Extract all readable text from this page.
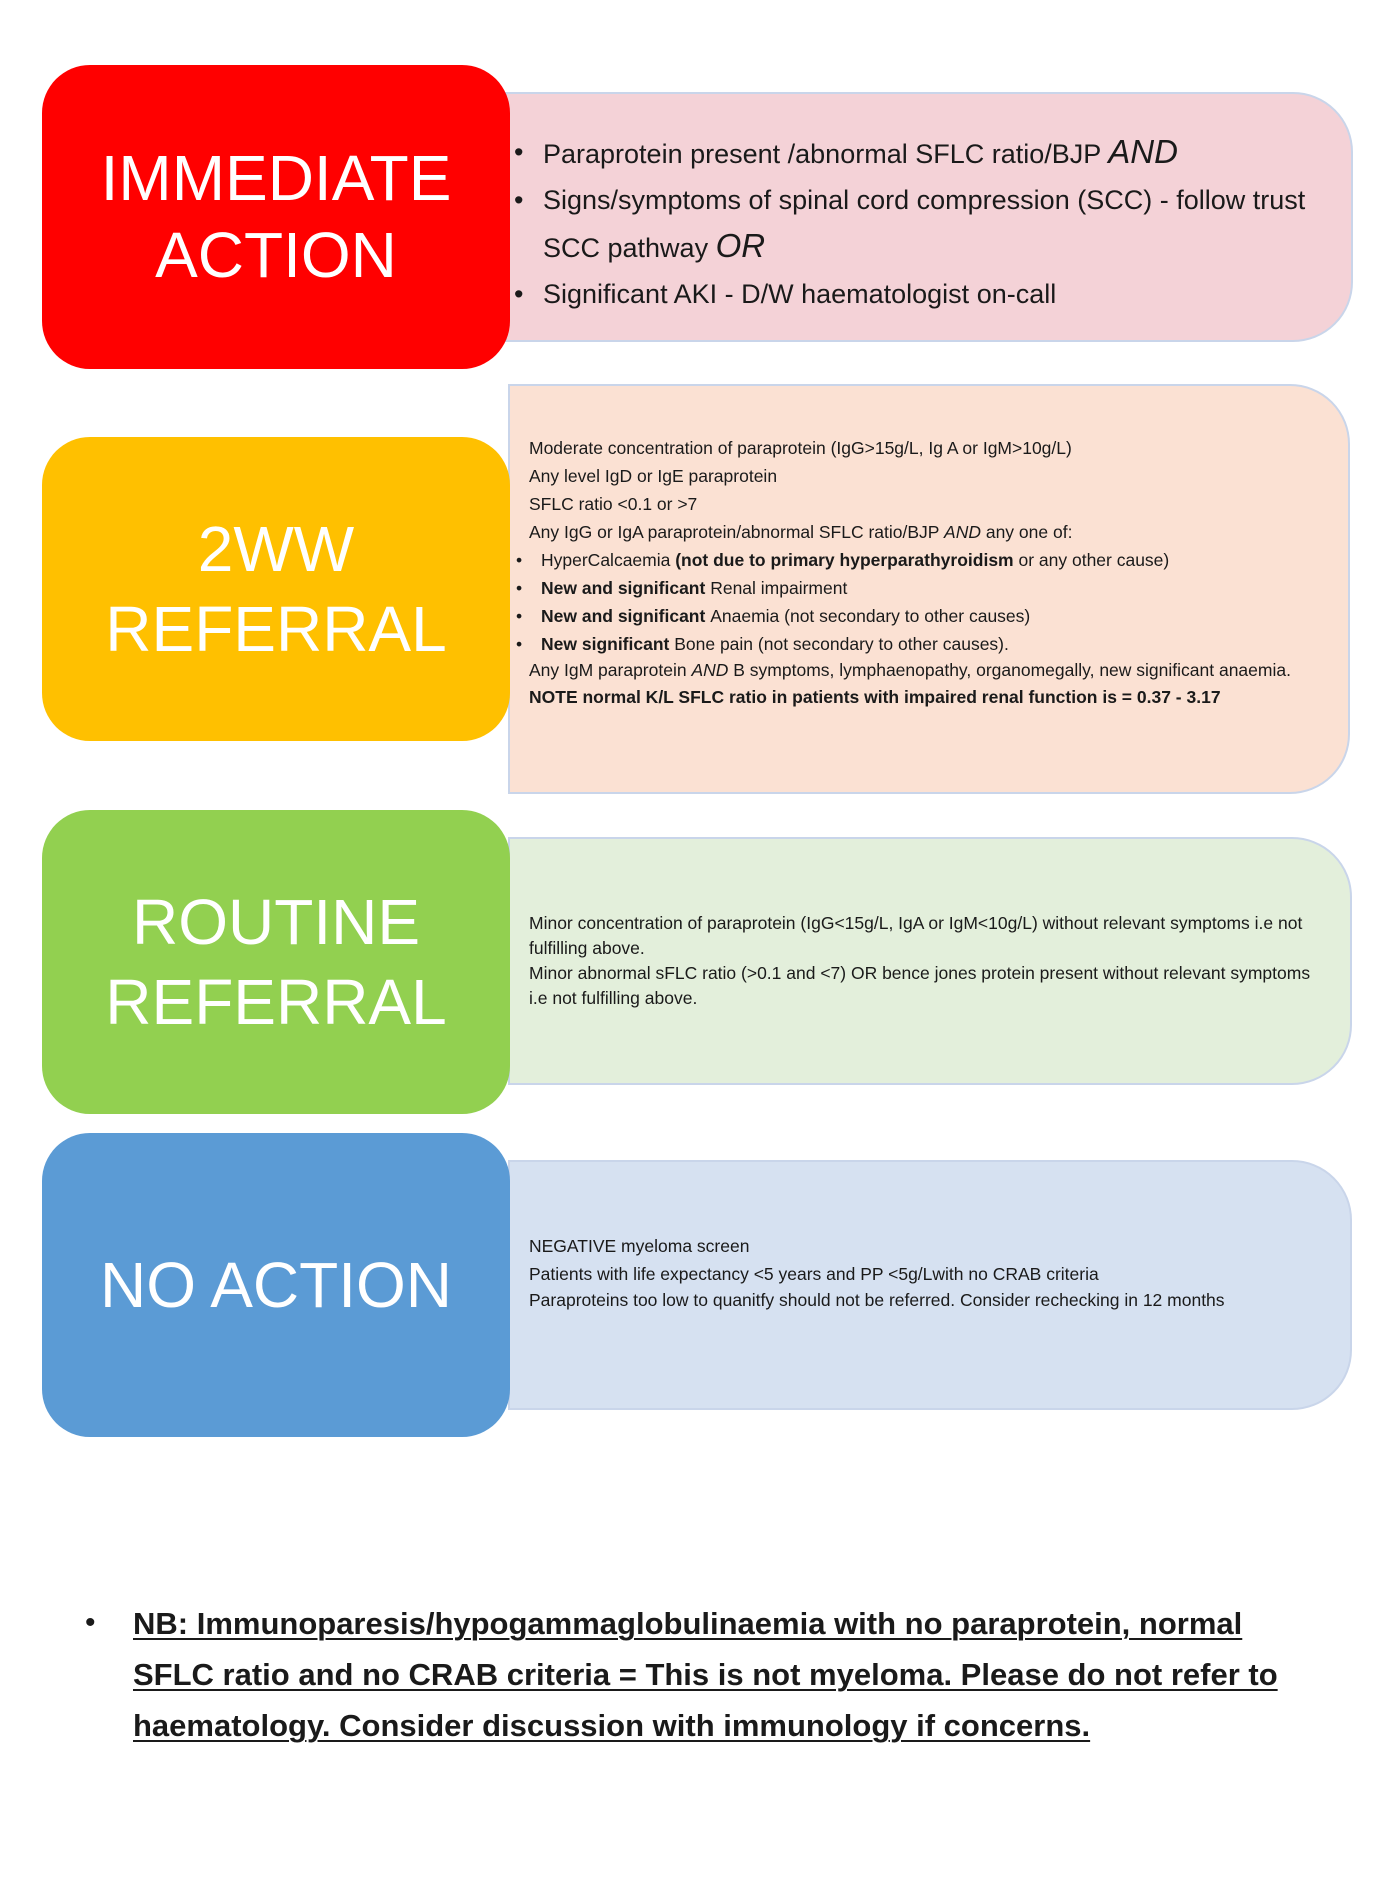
• Paraprotein present /abnormal SFLC ratio/BJP AND
• Signs/symptoms of spinal cord compression (SCC) - follow trust SCC pathway OR
• Significant AKI - D/W haematologist on-call
IMMEDIATE
ACTION
• Moderate concentration of paraprotein (IgG>15g/L, Ig A or IgM>10g/L)
• Any level IgD or IgE paraprotein
• SFLC ratio <0.1 or >7
• Any IgG or IgA paraprotein/abnormal SFLC ratio/BJP AND any one of:
• HyperCalcaemia (not due to primary hyperparathyroidism or any other cause)
• New and significant Renal impairment
• New and significant Anaemia (not secondary to other causes)
• New significant Bone pain (not secondary to other causes).
• Any IgM paraprotein AND B symptoms, lymphaenopathy, organomegally, new significant anaemia.
• NOTE normal K/L SFLC ratio in patients with impaired renal function is = 0.37 - 3.17
2WW
REFERRAL
• Minor concentration of paraprotein (IgG<15g/L, IgA or IgM<10g/L) without relevant symptoms i.e not fulfilling above.
• Minor abnormal sFLC ratio (>0.1 and <7) OR bence jones protein present without relevant symptoms i.e not fulfilling above.
ROUTINE
REFERRAL
• NEGATIVE myeloma screen
• Patients with life expectancy <5 years and PP <5g/Lwith no CRAB criteria
• Paraproteins too low to quanitfy should not be referred. Consider rechecking in 12 months
NO ACTION
• NB: Immunoparesis/hypogammaglobulinaemia with no paraprotein, normal SFLC ratio and no CRAB criteria = This is not myeloma. Please do not refer to haematology. Consider discussion with immunology if concerns.
